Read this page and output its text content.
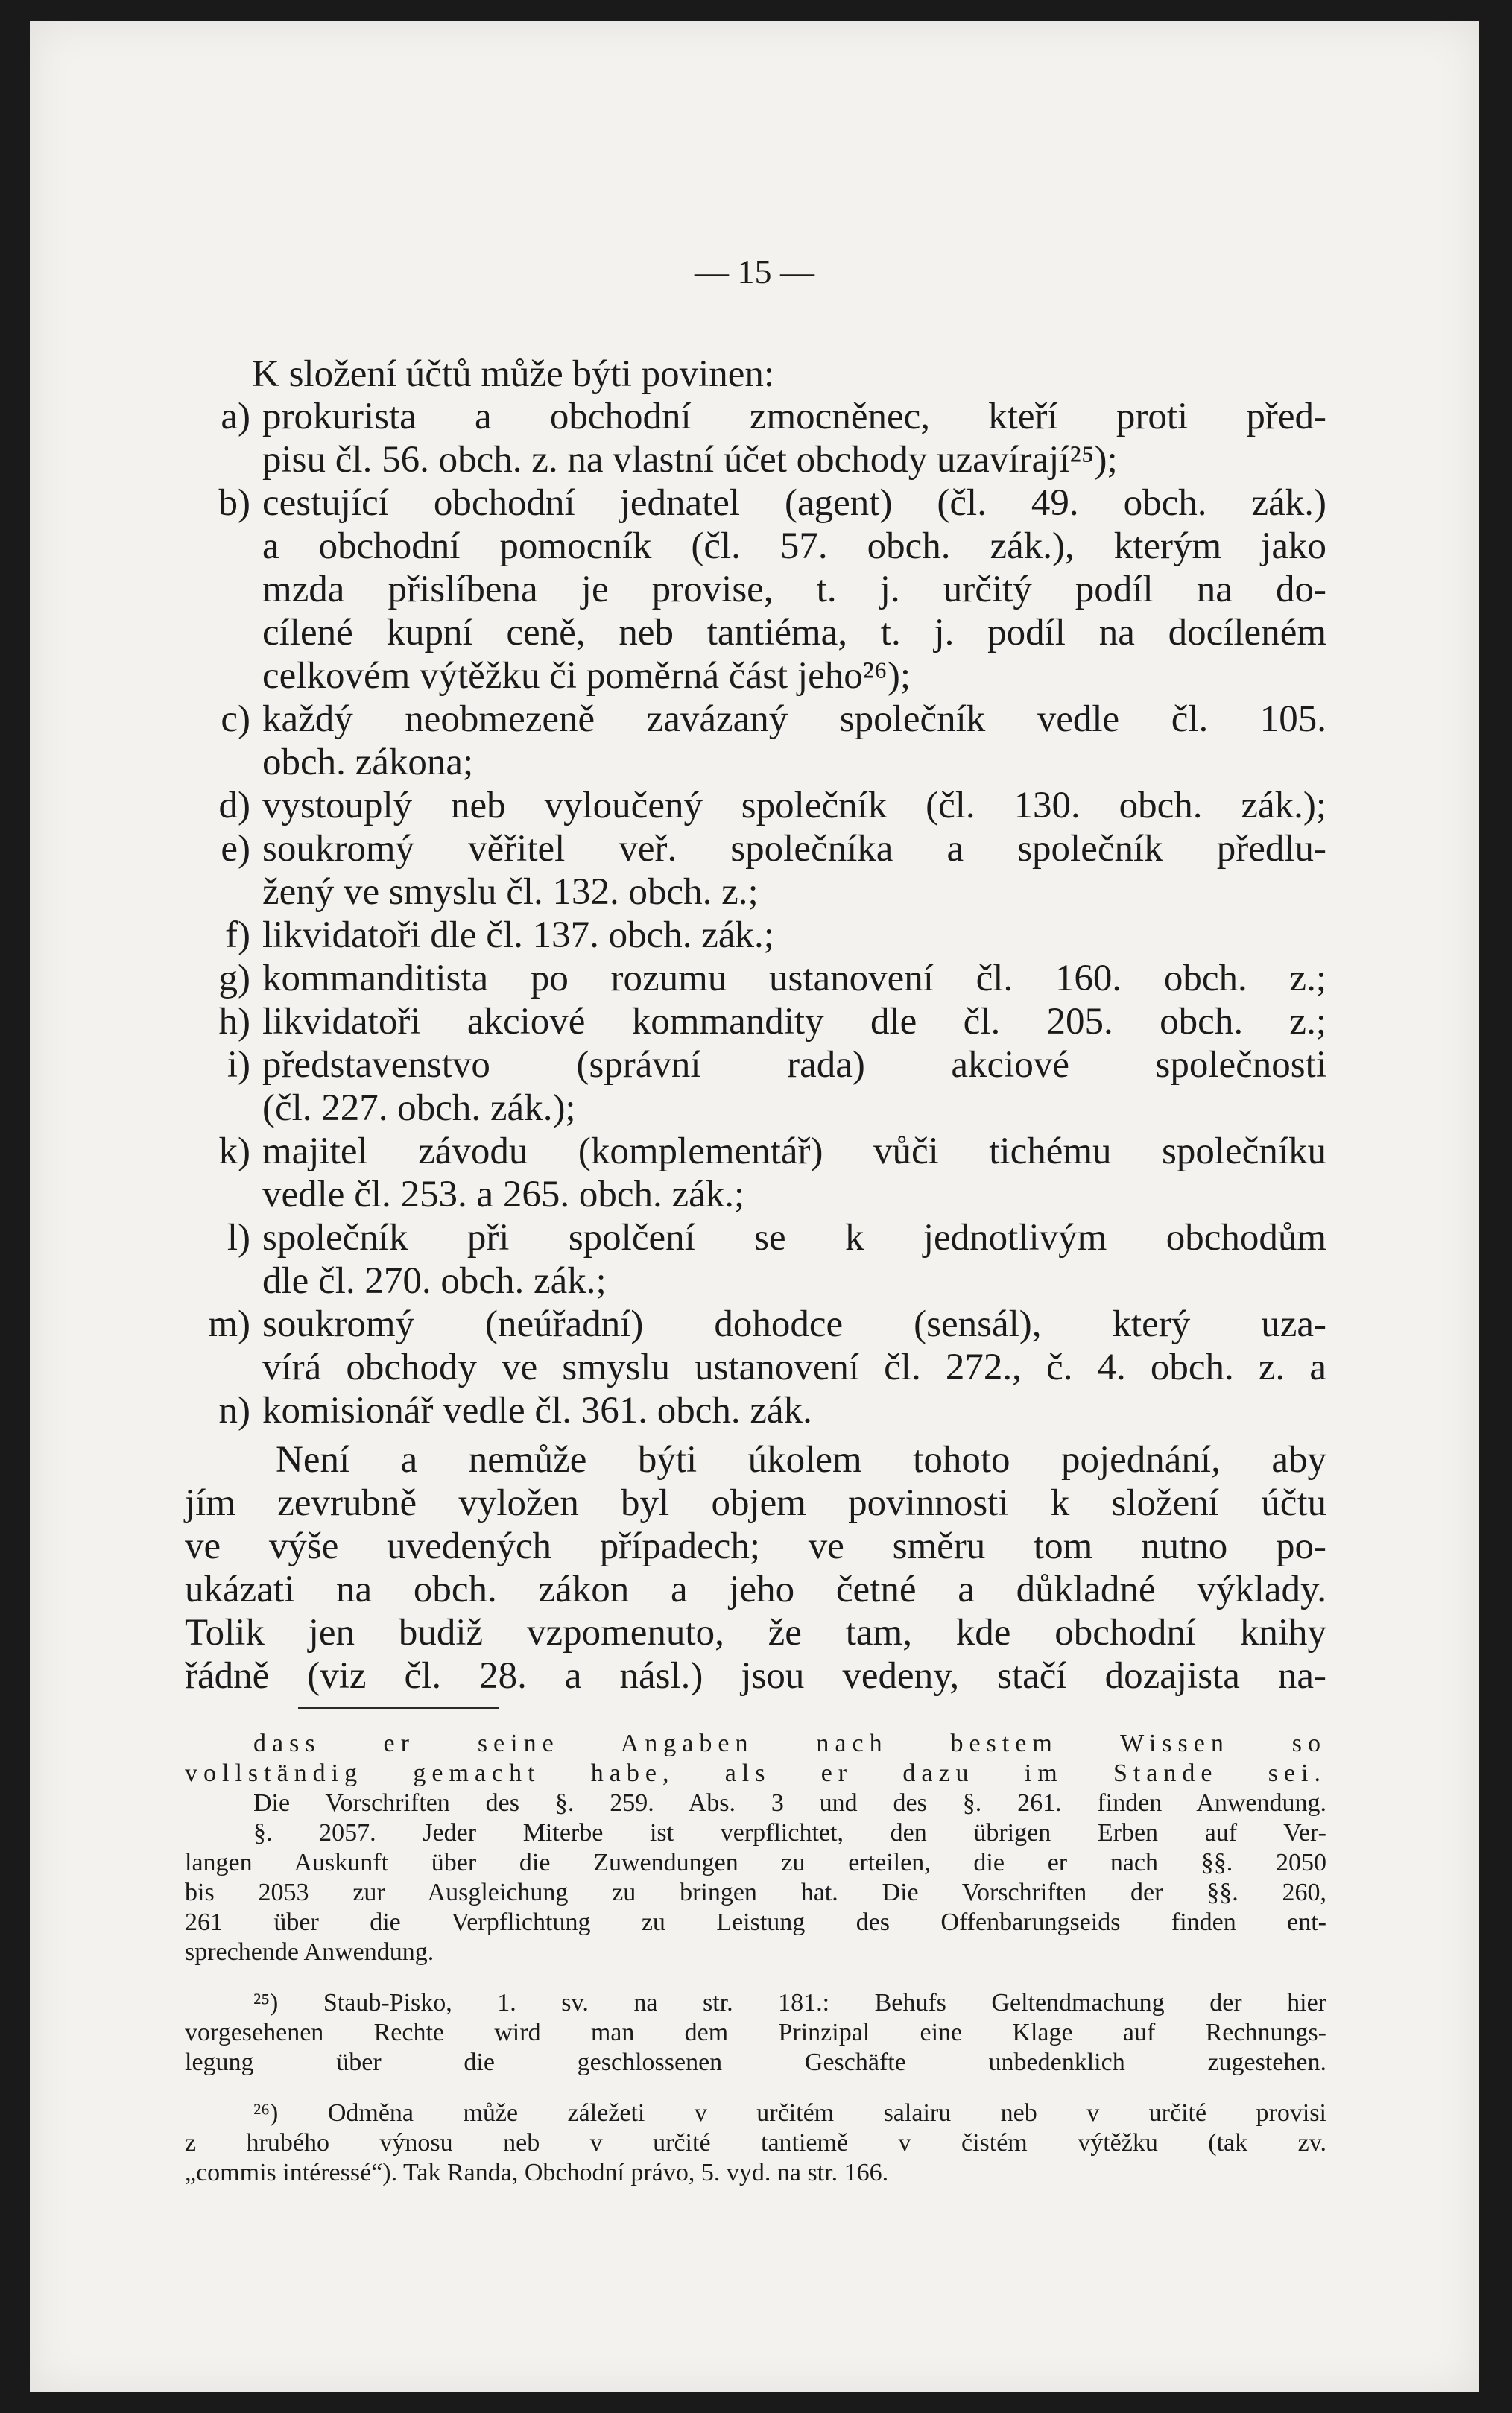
— 15 —
K složení účtů může býti povinen:
a) prokurista a obchodní zmocněnec, kteří proti před-
pisu čl. 56. obch. z. na vlastní účet obchody uzavírají²⁵);
b) cestující obchodní jednatel (agent) (čl. 49. obch. zák.)
a obchodní pomocník (čl. 57. obch. zák.), kterým jako
mzda přislíbena je provise, t. j. určitý podíl na do-
cílené kupní ceně, neb tantiéma, t. j. podíl na docíleném
celkovém výtěžku či poměrná část jeho²⁶);
c) každý neobmezeně zavázaný společník vedle čl. 105.
obch. zákona;
d) vystouplý neb vyloučený společník (čl. 130. obch. zák.);
e) soukromý věřitel veř. společníka a společník předlu-
žený ve smyslu čl. 132. obch. z.;
f) likvidatoři dle čl. 137. obch. zák.;
g) kommanditista po rozumu ustanovení čl. 160. obch. z.;
h) likvidatoři akciové kommandity dle čl. 205. obch. z.;
i) představenstvo (správní rada) akciové společnosti
(čl. 227. obch. zák.);
k) majitel závodu (komplementář) vůči tichému společníku
vedle čl. 253. a 265. obch. zák.;
l) společník při spolčení se k jednotlivým obchodům
dle čl. 270. obch. zák.;
m) soukromý (neúřadní) dohodce (sensál), který uza-
vírá obchody ve smyslu ustanovení čl. 272., č. 4. obch. z. a
n) komisionář vedle čl. 361. obch. zák.
Není a nemůže býti úkolem tohoto pojednání, aby
jím zevrubně vyložen byl objem povinnosti k složení účtu
ve výše uvedených případech; ve směru tom nutno po-
ukázati na obch. zákon a jeho četné a důkladné výklady.
Tolik jen budiž vzpomenuto, že tam, kde obchodní knihy
řádně (viz čl. 28. a násl.) jsou vedeny, stačí dozajista na-
dass er seine Angaben nach bestem Wissen so
vollständig gemacht habe, als er dazu im Stande sei.
Die Vorschriften des §. 259. Abs. 3 und des §. 261. finden Anwendung.
§. 2057. Jeder Miterbe ist verpflichtet, den übrigen Erben auf Ver-
langen Auskunft über die Zuwendungen zu erteilen, die er nach §§. 2050
bis 2053 zur Ausgleichung zu bringen hat. Die Vorschriften der §§. 260,
261 über die Verpflichtung zu Leistung des Offenbarungseids finden ent-
sprechende Anwendung.
²⁵) Staub-Pisko, 1. sv. na str. 181.: Behufs Geltendmachung der hier
vorgesehenen Rechte wird man dem Prinzipal eine Klage auf Rechnungs-
legung über die geschlossenen Geschäfte unbedenklich zugestehen.
²⁶) Odměna může záležeti v určitém salairu neb v určité provisi
z hrubého výnosu neb v určité tantiemě v čistém výtěžku (tak zv.
„commis intéressé“). Tak Randa, Obchodní právo, 5. vyd. na str. 166.
